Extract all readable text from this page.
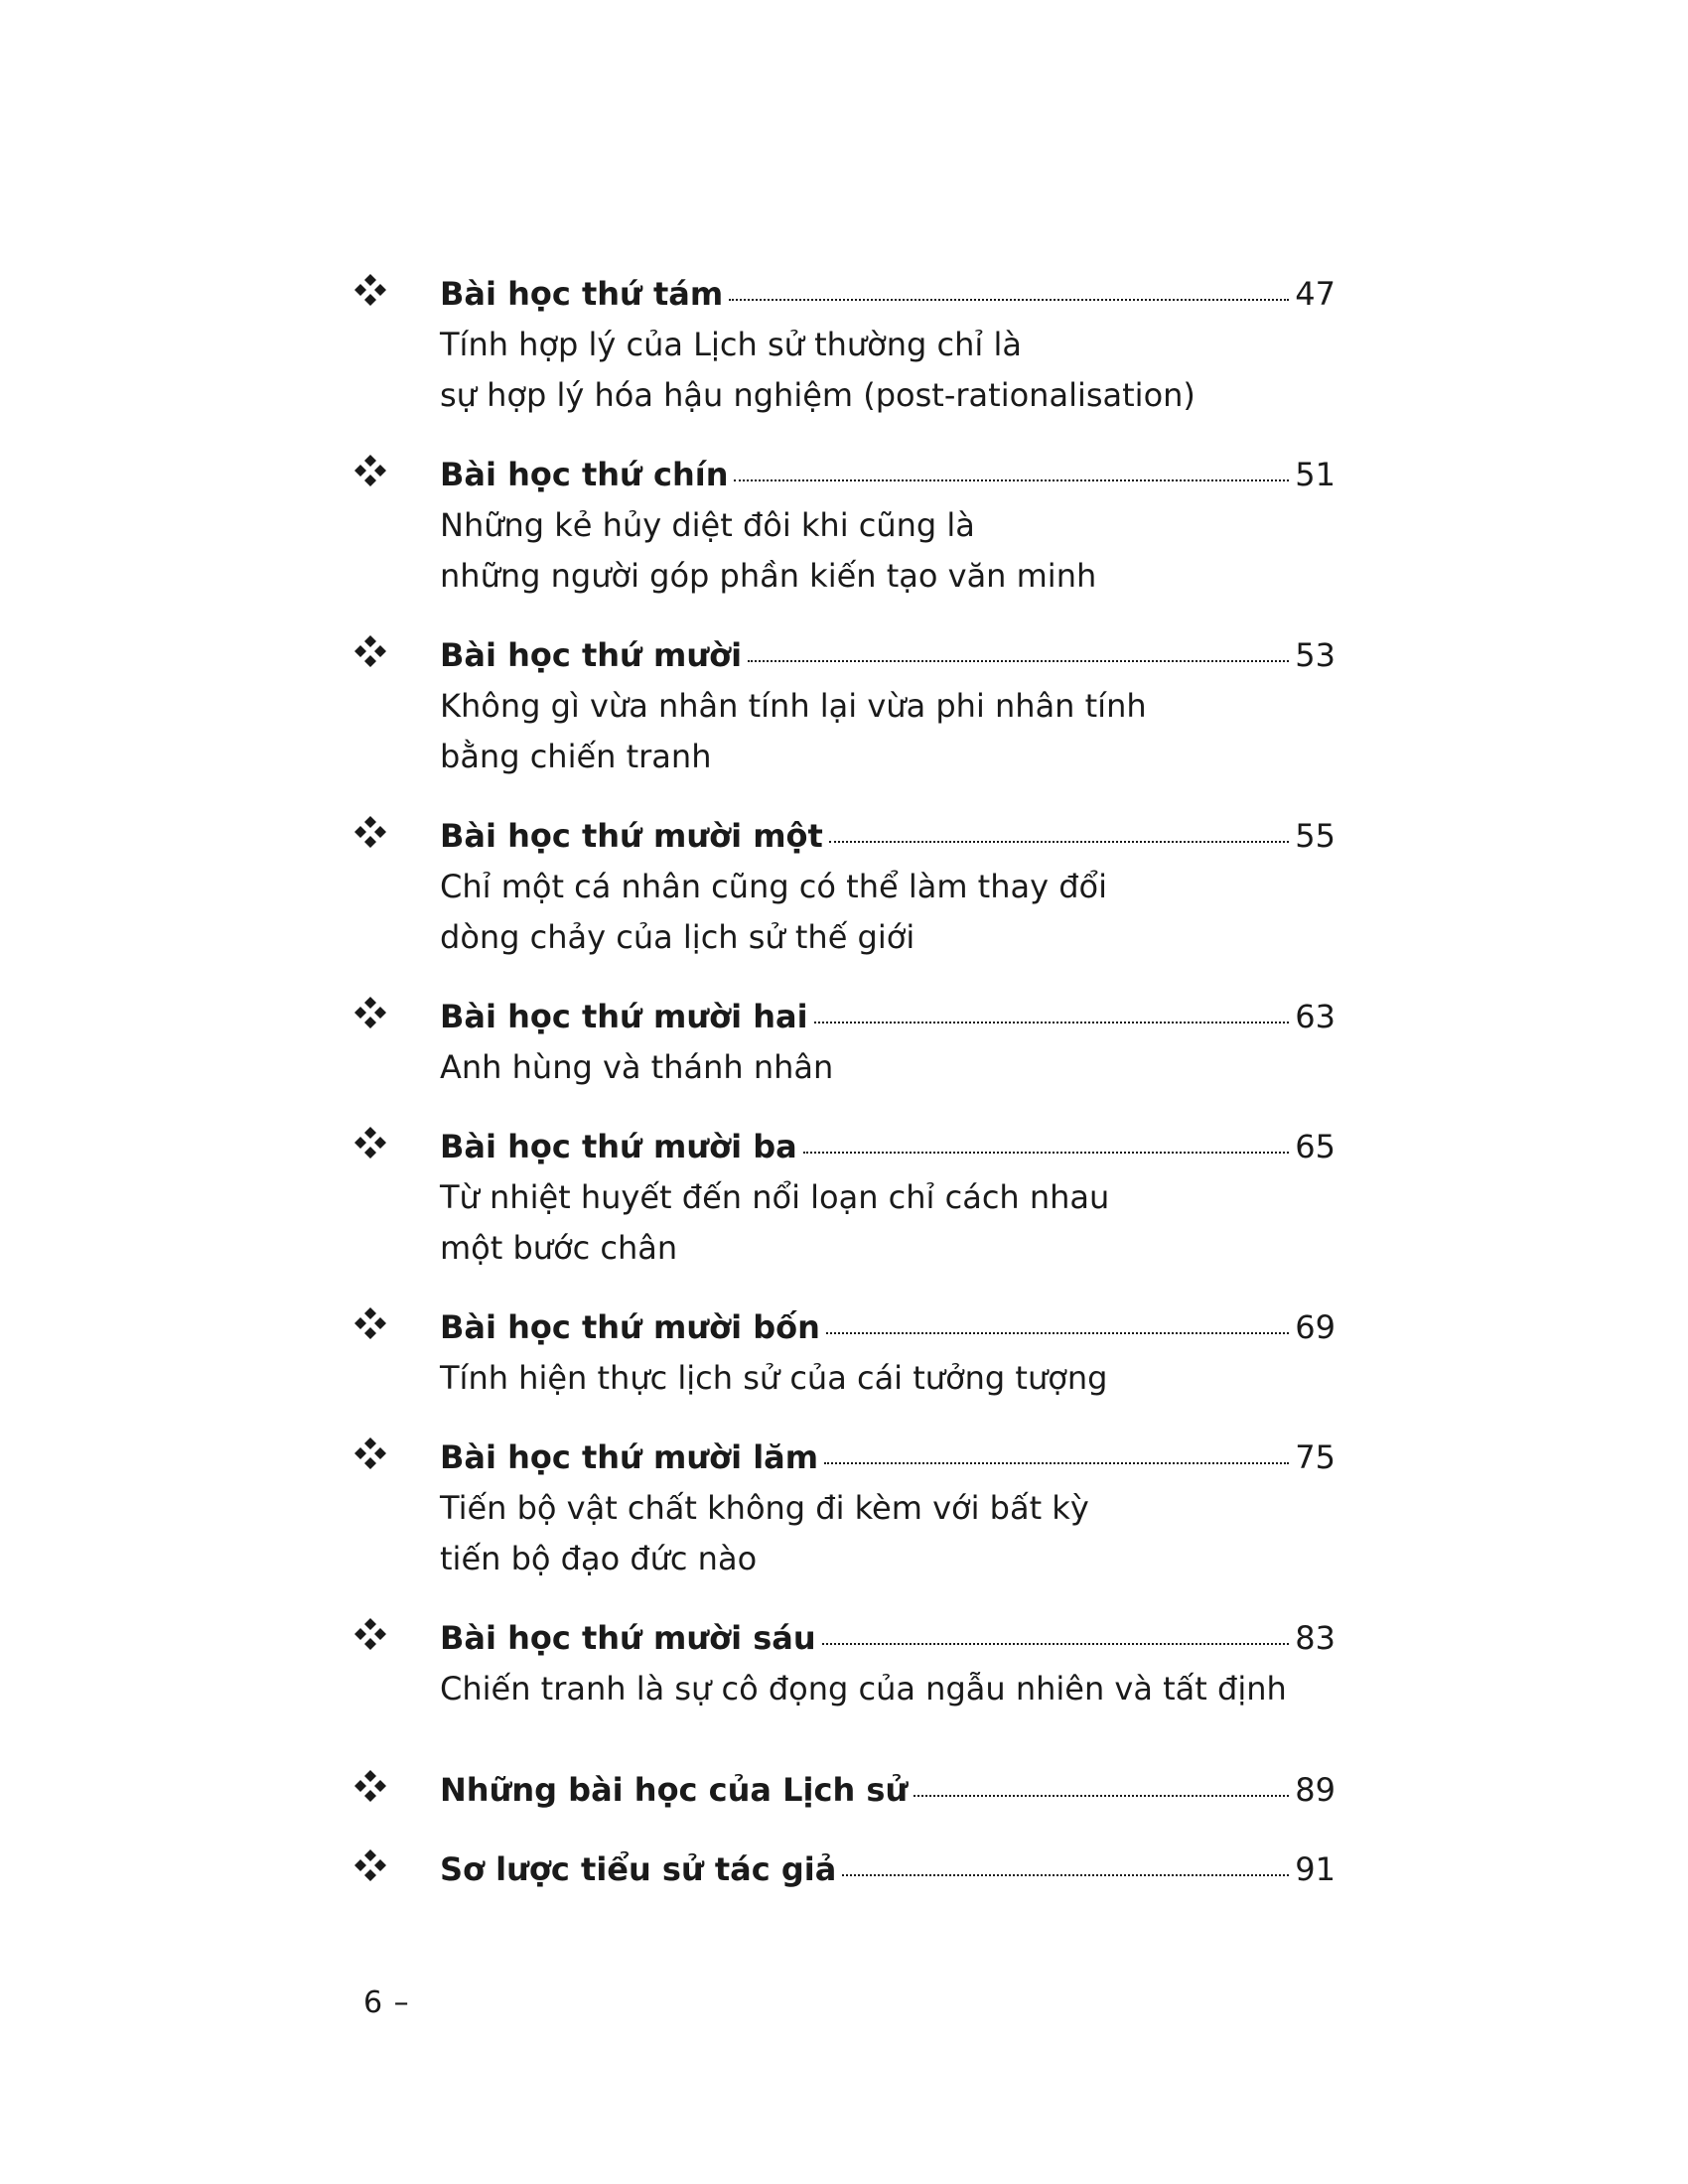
Bài học thứ tám	47
Tính hợp lý của Lịch sử thường chỉ là
sự hợp lý hóa hậu nghiệm (post-rationalisation)
Bài học thứ chín	51
Những kẻ hủy diệt đôi khi cũng là
những người góp phần kiến tạo văn minh
Bài học thứ mười	53
Không gì vừa nhân tính lại vừa phi nhân tính
bằng chiến tranh
Bài học thứ mười một	55
Chỉ một cá nhân cũng có thể làm thay đổi
dòng chảy của lịch sử thế giới
Bài học thứ mười hai	63
Anh hùng và thánh nhân
Bài học thứ mười ba	65
Từ nhiệt huyết đến nổi loạn chỉ cách nhau
một bước chân
Bài học thứ mười bốn	69
Tính hiện thực lịch sử của cái tưởng tượng
Bài học thứ mười lăm	75
Tiến bộ vật chất không đi kèm với bất kỳ
tiến bộ đạo đức nào
Bài học thứ mười sáu	83
Chiến tranh là sự cô đọng của ngẫu nhiên và tất định
Những bài học của Lịch sử	89
Sơ lược tiểu sử tác giả	91
6 –
